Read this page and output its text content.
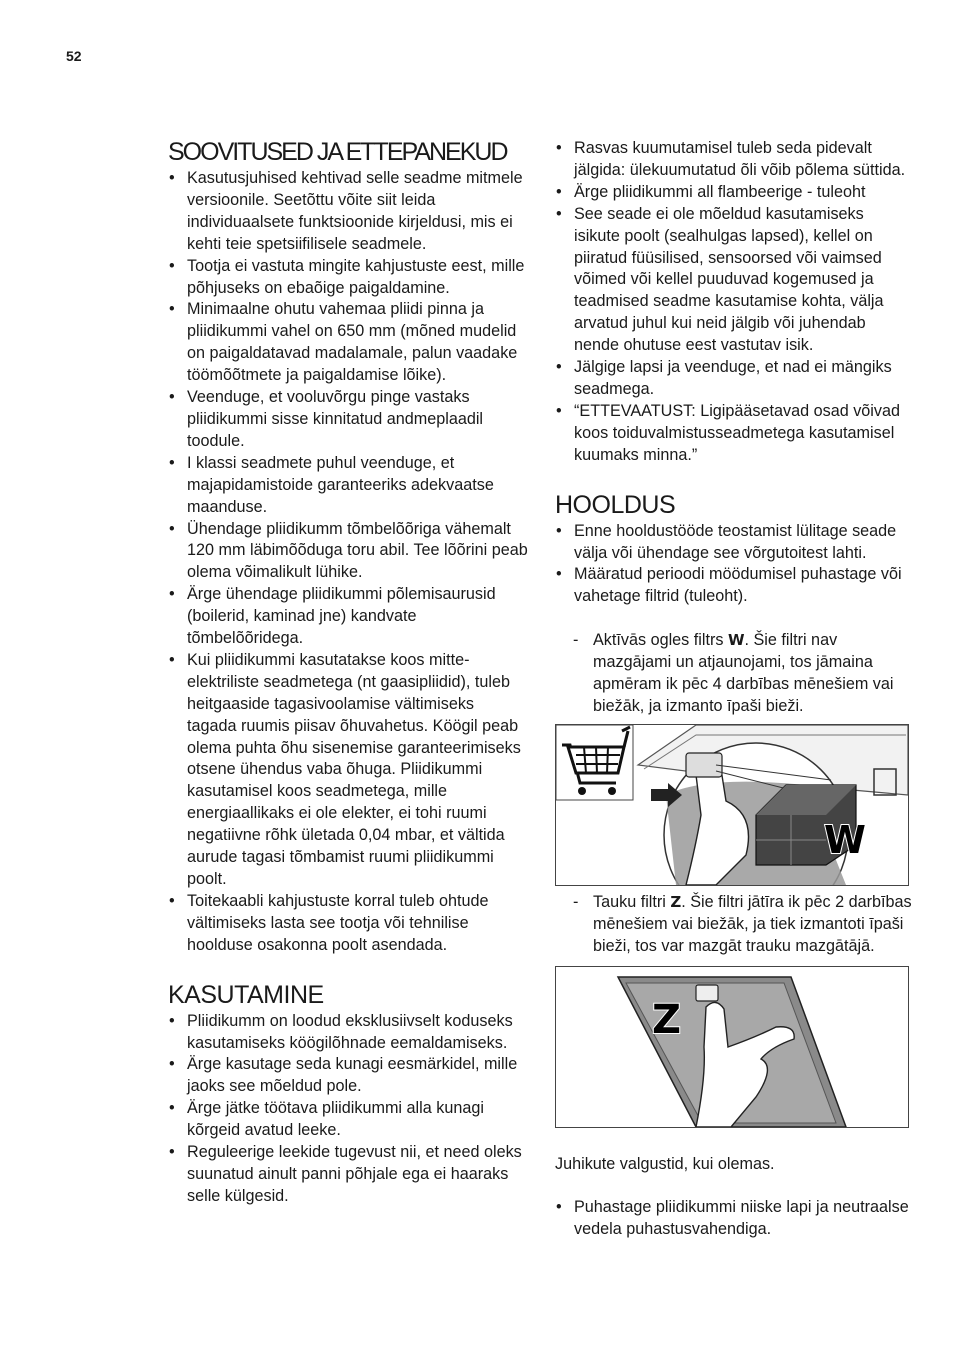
52
SOOVITUSED JA ETTEPANEKUD
• Kasutusjuhised kehtivad selle seadme mitmele versioonile. Seetõttu võite siit leida individuaalsete funktsioonide kirjeldusi, mis ei kehti teie spetsiifilisele seadmele.
• Tootja ei vastuta mingite kahjustuste eest, mille põhjuseks on ebaõige paigaldamine.
• Minimaalne ohutu vahemaa pliidi pinna ja pliidikummi vahel on 650 mm (mõned mudelid on paigaldatavad madalamale, palun vaadake töömõõtmete ja paigaldamise lõike).
• Veenduge, et vooluvõrgu pinge vastaks pliidikummi sisse kinnitatud andmeplaadil toodule.
• I klassi seadmete puhul veenduge, et majapidamistoide garanteeriks adekvaatse maanduse.
• Ühendage pliidikumm tõmbelõõriga vähemalt 120 mm läbimõõduga toru abil. Tee lõõrini peab olema võimalikult lühike.
• Ärge ühendage pliidikummi põlemisaurusid (boilerid, kaminad jne) kandvate tõmbelõõridega.
• Kui pliidikummi kasutatakse koos mitte-elektriliste seadmetega (nt gaasipliidid), tuleb heitgaaside tagasivoolamise vältimiseks tagada ruumis piisav õhuvahetus. Köögil peab olema puhta õhu sisenemise garanteerimiseks otsene ühendus vaba õhuga. Pliidikummi kasutamisel koos seadmetega, mille energiaallikaks ei ole elekter, ei tohi ruumi negatiivne rõhk ületada 0,04 mbar, et vältida aurude tagasi tõmbamist ruumi pliidikummi poolt.
• Toitekaabli kahjustuste korral tuleb ohtude vältimiseks lasta see tootja või tehnilise hoolduse osakonna poolt asendada.
KASUTAMINE
• Pliidikumm on loodud eksklusiivselt koduseks kasutamiseks köögilõhnade eemaldamiseks.
• Ärge kasutage seda kunagi eesmärkidel, mille jaoks see mõeldud pole.
• Ärge jätke töötava pliidikummi alla kunagi kõrgeid avatud leeke.
• Reguleerige leekide tugevust nii, et need oleks suunatud ainult panni põhjale ega ei haaraks selle külgesid.
• Rasvas kuumutamisel tuleb seda pidevalt jälgida: ülekuumutatud õli võib põlema süttida.
• Ärge pliidikummi all flambeerige - tuleoht
• See seade ei ole mõeldud kasutamiseks isikute poolt (sealhulgas lapsed), kellel on piiratud füüsilised, sensoorsed või vaimsed võimed või kellel puuduvad kogemused ja teadmised seadme kasutamise kohta, välja arvatud juhul kui neid jälgib või juhendab nende ohutuse eest vastutav isik.
• Jälgige lapsi ja veenduge, et nad ei mängiks seadmega.
• “ETTEVAATUST: Ligipääsetavad osad võivad koos toiduvalmistusseadmetega kasutamisel kuumaks minna.”
HOOLDUS
• Enne hooldustööde teostamist lülitage seade välja või ühendage see võrgutoitest lahti.
• Määratud perioodi möödumisel puhastage või vahetage filtrid (tuleoht).
- Aktīvās ogles filtrs W. Šie filtri nav mazgājami un atjaunojami, tos jāmaina apmēram ik pēc 4 darbības mēnešiem vai biežāk, ja izmanto īpaši bieži.
W
- Tauku filtri Z. Šie filtri jātīra ik pēc 2 darbības mēnešiem vai biežāk, ja tiek izmantoti īpaši bieži, tos var mazgāt trauku mazgātājā.
Z
Juhikute valgustid, kui olemas.
• Puhastage pliidikummi niiske lapi ja neutraalse vedela puhastusvahendiga.
